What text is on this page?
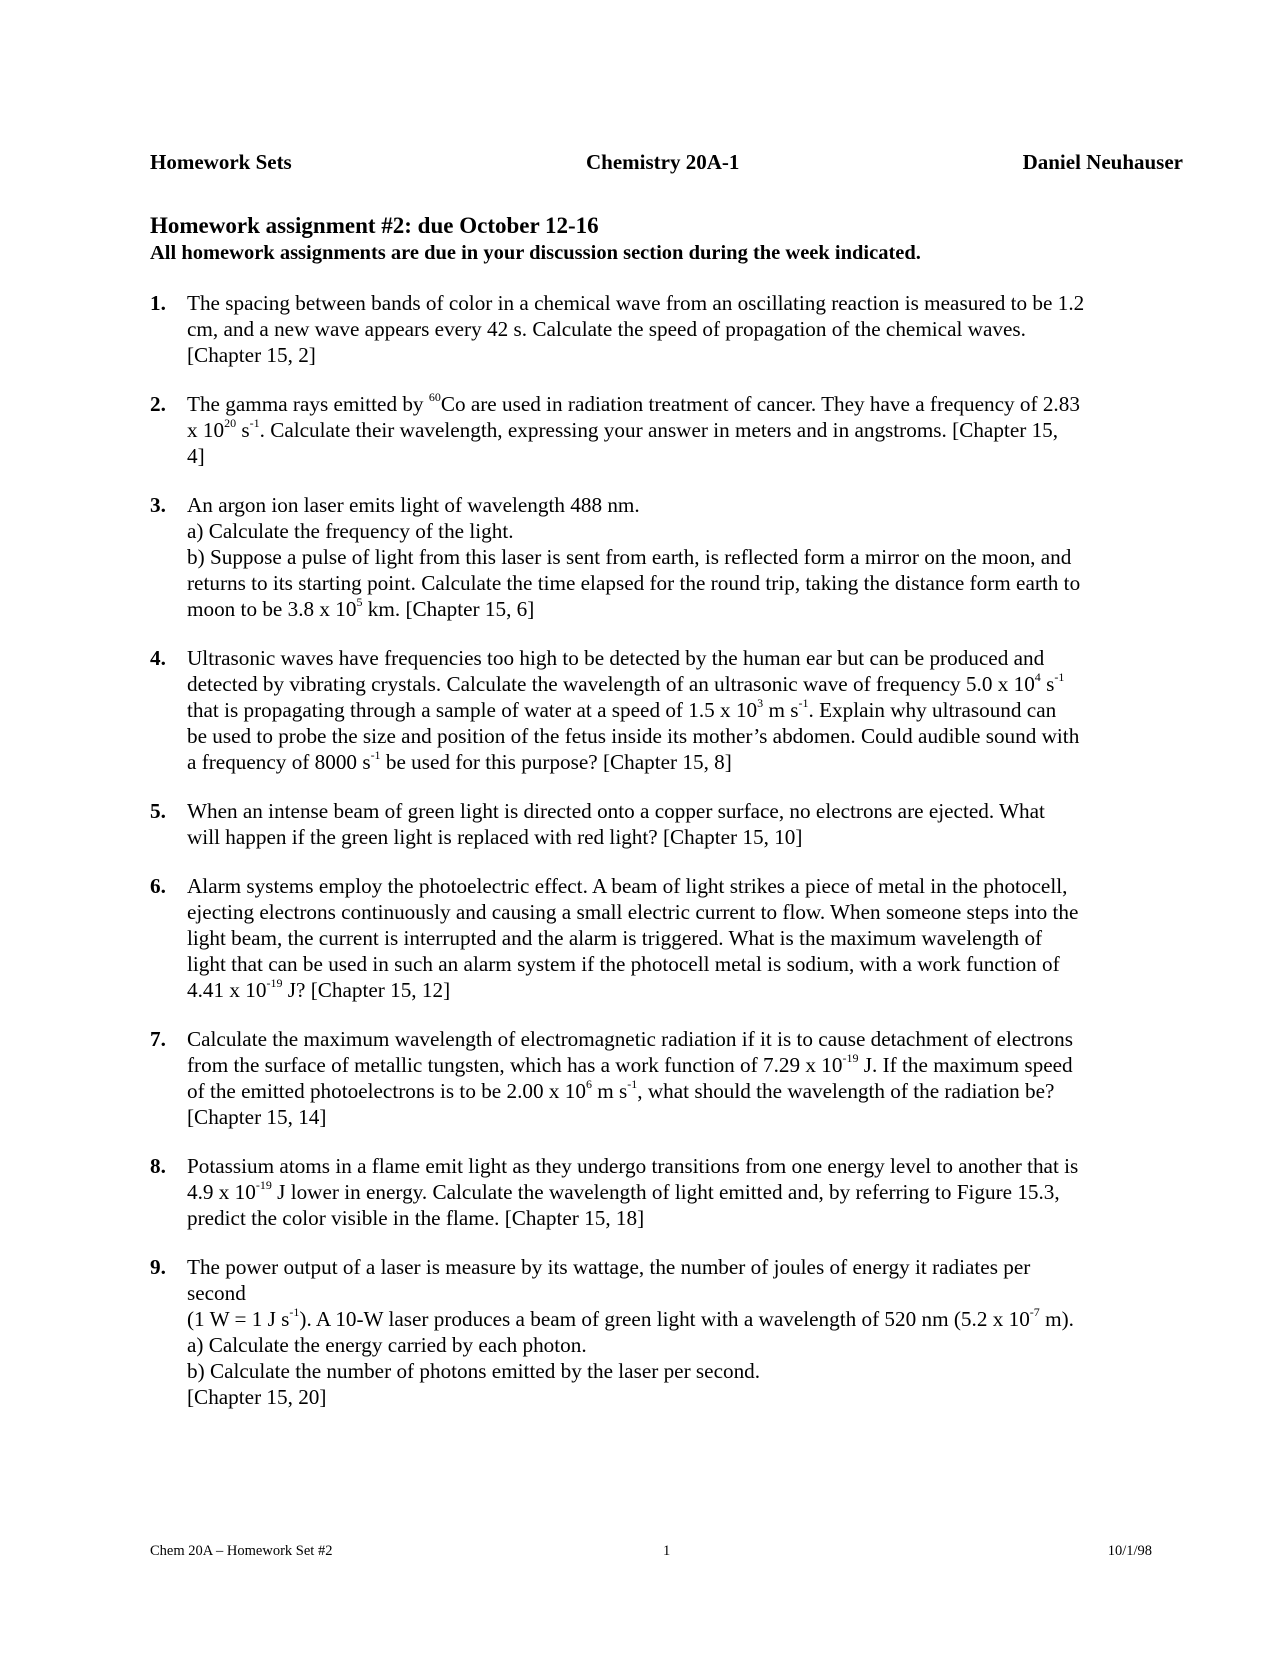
Homework Sets	Chemistry 20A-1	Daniel Neuhauser
Homework assignment #2: due October 12-16

All homework assignments are due in your discussion section during the week indicated.

1. The spacing between bands of color in a chemical wave from an oscillating reaction is measured to be 1.2
cm, and a new wave appears every 42 s. Calculate the speed of propagation of the chemical waves.
[Chapter 15, 2]
2. The gamma rays emitted by $^{60}$Co are used in radiation treatment of cancer. They have a frequency of 2.83
x $10^{20}$ $s^{-1}$. Calculate their wavelength, expressing your answer in meters and in angstroms. [Chapter 15,
4]
3. An argon ion laser emits light of wavelength 488 nm.
a) Calculate the frequency of the light.
b) Suppose a pulse of light from this laser is sent from earth, is reflected form a mirror on the moon, and
returns to its starting point. Calculate the time elapsed for the round trip, taking the distance form earth to
moon to be 3.8 x $10^5$ km. [Chapter 15, 6]
4. Ultrasonic waves have frequencies too high to be detected by the human ear but can be produced and
detected by vibrating crystals. Calculate the wavelength of an ultrasonic wave of frequency 5.0 x $10^4$ $s^{-1}$
that is propagating through a sample of water at a speed of 1.5 x $10^3$ m $s^{-1}$. Explain why ultrasound can
be used to probe the size and position of the fetus inside its mother’s abdomen. Could audible sound with
a frequency of 8000 $s^{-1}$ be used for this purpose? [Chapter 15, 8]
5. When an intense beam of green light is directed onto a copper surface, no electrons are ejected. What
will happen if the green light is replaced with red light? [Chapter 15, 10]
6. Alarm systems employ the photoelectric effect. A beam of light strikes a piece of metal in the photocell,
ejecting electrons continuously and causing a small electric current to flow. When someone steps into the
light beam, the current is interrupted and the alarm is triggered. What is the maximum wavelength of
light that can be used in such an alarm system if the photocell metal is sodium, with a work function of
4.41 x $10^{-19}$ J? [Chapter 15, 12]
7. Calculate the maximum wavelength of electromagnetic radiation if it is to cause detachment of electrons
from the surface of metallic tungsten, which has a work function of 7.29 x $10^{-19}$ J. If the maximum speed
of the emitted photoelectrons is to be 2.00 x $10^6$ m $s^{-1}$, what should the wavelength of the radiation be?
[Chapter 15, 14]
8. Potassium atoms in a flame emit light as they undergo transitions from one energy level to another that is
4.9 x $10^{-19}$ J lower in energy. Calculate the wavelength of light emitted and, by referring to Figure 15.3,
predict the color visible in the flame. [Chapter 15, 18]
9. The power output of a laser is measure by its wattage, the number of joules of energy it radiates per
second
(1 W = 1 J $s^{-1}$). A 10-W laser produces a beam of green light with a wavelength of 520 nm (5.2 x $10^{-7}$ m).
a) Calculate the energy carried by each photon.
b) Calculate the number of photons emitted by the laser per second.
[Chapter 15, 20]
Chem 20A – Homework Set #2	1	10/1/98
